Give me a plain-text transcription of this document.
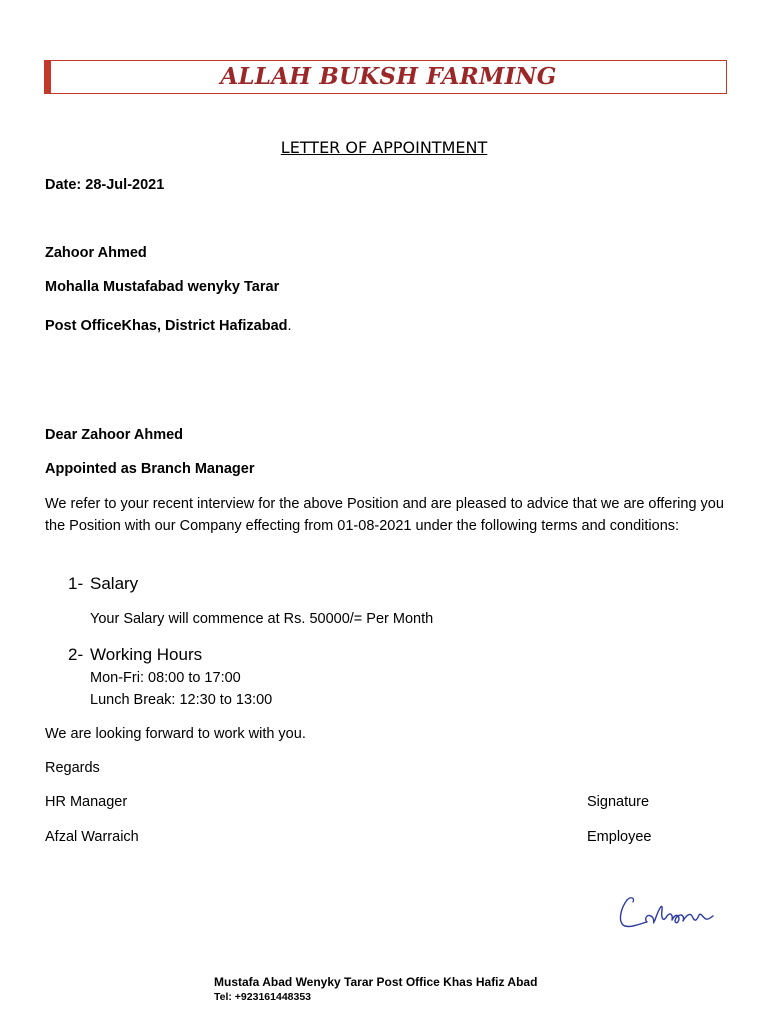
ALLAH BUKSH FARMING
LETTER OF APPOINTMENT
Date: 28-Jul-2021
Zahoor Ahmed
Mohalla Mustafabad wenyky Tarar
Post OfficeKhas, District Hafizabad.
Dear Zahoor Ahmed
Appointed as Branch Manager
We refer to your recent interview for the above Position and are pleased to advice that we are offering you the Position with our Company effecting from 01-08-2021 under the following terms and conditions:
1- Salary
Your Salary will commence at Rs. 50000/= Per Month
2- Working Hours
Mon-Fri: 08:00 to 17:00
Lunch Break: 12:30 to 13:00
We are looking forward to work with you.
Regards
HR Manager
Afzal Warraich
Signature
Employee
Mustafa Abad Wenyky Tarar Post Office Khas Hafiz Abad
Tel: +923161448353
